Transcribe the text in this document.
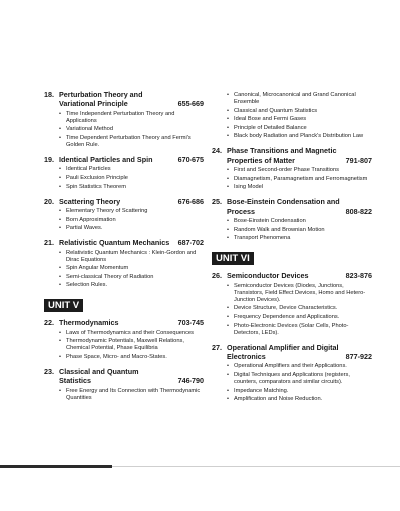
18. Perturbation Theory and Variational Principle	655-669
• Time Independent Perturbation Theory and Applications
• Variational Method
• Time Dependent Perturbation Theory and Fermi's Golden Rule.
19. Identical Particles and Spin	670-675
• Identical Particles
• Pauli Exclusion Principle
• Spin Statistics Theorem
20. Scattering Theory	676-686
• Elementary Theory of Scattering
• Born Approximation
• Partial Waves.
21. Relativistic Quantum Mechanics	687-702
• Relativistic Quantum Mechanics : Klein-Gordon and Dirac Equations
• Spin Angular Momentum
• Semi-classical Theory of Radiation
• Selection Rules.
UNIT V
22. Thermodynamics	703-745
• Laws of Thermodynamics and their Consequences
• Thermodynamic Potentials, Maxwell Relations, Chemical Potential, Phase Equilibria
• Phase Space, Micro- and Macro-States.
23. Classical and Quantum Statistics	746-790
• Free Energy and Its Connection with Thermodynamic Quantities
• Canonical, Microcanonical and Grand Canonical Ensemble
• Classical and Quantum Statistics
• Ideal Bose and Fermi Gases
• Principle of Detailed Balance
• Black body Radiation and Planck's Distribution Law
24. Phase Transitions and Magnetic Properties of Matter	791-807
• First and Second-order Phase Transitions
• Diamagnetism, Paramagnetism and Ferromagnetism
• Ising Model
25. Bose-Einstein Condensation and Process	808-822
• Bose-Einstein Condensation
• Random Walk and Brownian Motion
• Transport Phenomena
UNIT VI
26. Semiconductor Devices	823-876
• Semiconductor Devices (Diodes, Junctions, Transistors, Field Effect Devices, Homo and Hetero-Junction Devices).
• Device Structure, Device Characteristics.
• Frequency Dependence and Applications.
• Photo-Electronic Devices (Solar Cells, Photo-Detectors, LEDs).
27. Operational Amplifier and Digital Electronics	877-922
• Operational Amplifiers and their Applications.
• Digital Techniques and Applications (registers, counters, comparators and similar circuits).
• Impedance Matching.
• Amplification and Noise Reduction.
